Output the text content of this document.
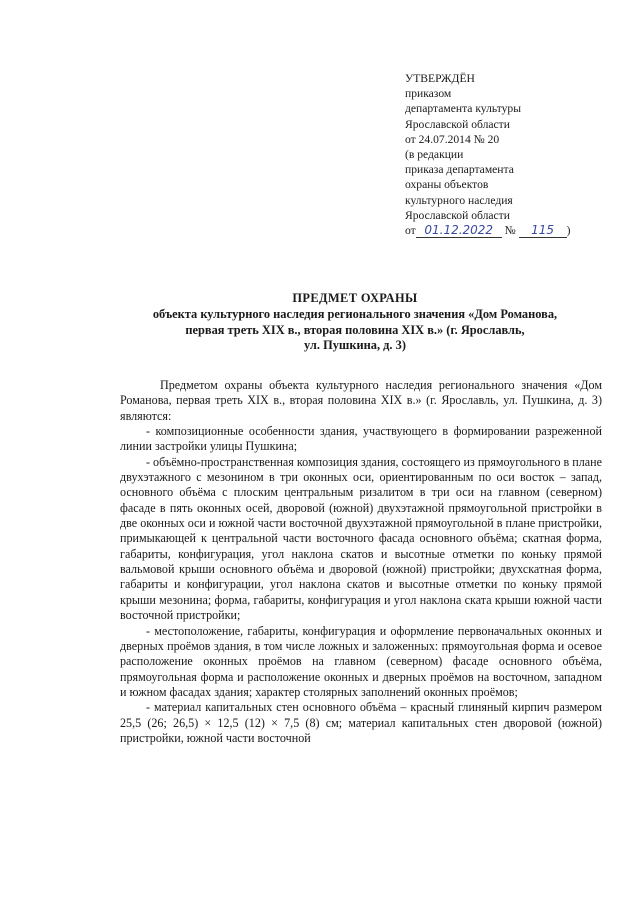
УТВЕРЖДЁН
приказом
департамента культуры
Ярославской области
от 24.07.2014 № 20
(в редакции
приказа департамента
охраны объектов
культурного наследия
Ярославской области
от 01.12.2022 № 115 )
ПРЕДМЕТ ОХРАНЫ
объекта культурного наследия регионального значения «Дом Романова,
первая треть XIX в., вторая половина XIX в.» (г. Ярославль,
ул. Пушкина, д. 3)

Предметом охраны объекта культурного наследия регионального значения «Дом Романова, первая треть XIX в., вторая половина XIX в.» (г. Ярославль, ул. Пушкина, д. 3) являются:

- композиционные особенности здания, участвующего в формировании разреженной линии застройки улицы Пушкина;

- объёмно-пространственная композиция здания, состоящего из прямоугольного в плане двухэтажного с мезонином в три оконных оси, ориентированным по оси восток – запад, основного объёма с плоским центральным ризалитом в три оси на главном (северном) фасаде в пять оконных осей, дворовой (южной) двухэтажной прямоугольной пристройки в две оконных оси и южной части восточной двухэтажной прямоугольной в плане пристройки, примыкающей к центральной части восточного фасада основного объёма; скатная форма, габариты, конфигурация, угол наклона скатов и высотные отметки по коньку прямой вальмовой крыши основного объёма и дворовой (южной) пристройки; двухскатная форма, габариты и конфигурации, угол наклона скатов и высотные отметки по коньку прямой крыши мезонина; форма, габариты, конфигурация и угол наклона ската крыши южной части восточной пристройки;

- местоположение, габариты, конфигурация и оформление первоначальных оконных и дверных проёмов здания, в том числе ложных и заложенных: прямоугольная форма и осевое расположение оконных проёмов на главном (северном) фасаде основного объёма, прямоугольная форма и расположение оконных и дверных проёмов на восточном, западном и южном фасадах здания; характер столярных заполнений оконных проёмов;

- материал капитальных стен основного объёма – красный глиняный кирпич размером 25,5 (26; 26,5) × 12,5 (12) × 7,5 (8) см; материал капитальных стен дворовой (южной) пристройки, южной части восточной
